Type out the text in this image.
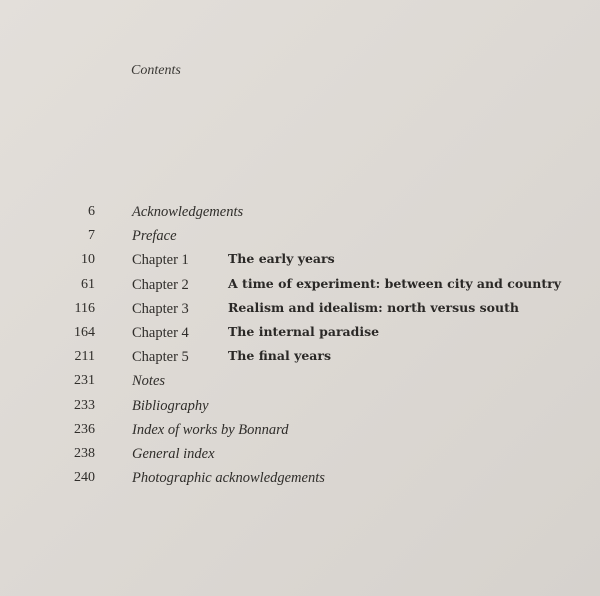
Contents
6	Acknowledgements
7	Preface
10	Chapter 1	The early years
61	Chapter 2	A time of experiment: between city and country
116	Chapter 3	Realism and idealism: north versus south
164	Chapter 4	The internal paradise
211	Chapter 5	The final years
231	Notes
233	Bibliography
236	Index of works by Bonnard
238	General index
240	Photographic acknowledgements
